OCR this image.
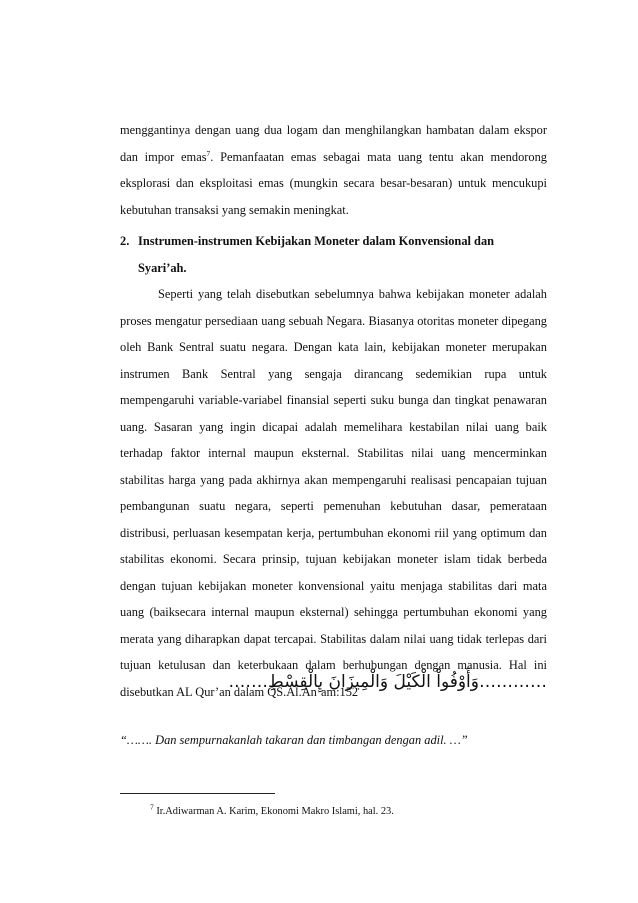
menggantinya dengan uang dua logam dan menghilangkan hambatan dalam ekspor dan impor emas$^7$. Pemanfaatan emas sebagai mata uang tentu akan mendorong eksplorasi dan eksploitasi emas (mungkin secara besar-besaran) untuk mencukupi kebutuhan transaksi yang semakin meningkat.
2. Instrumen-instrumen Kebijakan Moneter dalam Konvensional dan
Syari’ah.
Seperti yang telah disebutkan sebelumnya bahwa kebijakan moneter adalah proses mengatur persediaan uang sebuah Negara. Biasanya otoritas moneter dipegang oleh Bank Sentral suatu negara. Dengan kata lain, kebijakan moneter merupakan instrumen Bank Sentral yang sengaja dirancang sedemikian rupa untuk mempengaruhi variable-variabel finansial seperti suku bunga dan tingkat penawaran uang. Sasaran yang ingin dicapai adalah memelihara kestabilan nilai uang baik terhadap faktor internal maupun eksternal. Stabilitas nilai uang mencerminkan stabilitas harga yang pada akhirnya akan mempengaruhi realisasi pencapaian tujuan pembangunan suatu negara, seperti pemenuhan kebutuhan dasar, pemerataan distribusi, perluasan kesempatan kerja, pertumbuhan ekonomi riil yang optimum dan stabilitas ekonomi. Secara prinsip, tujuan kebijakan moneter islam tidak berbeda dengan tujuan kebijakan moneter konvensional yaitu menjaga stabilitas dari mata uang (baiksecara internal maupun eksternal) sehingga pertumbuhan ekonomi yang merata yang diharapkan dapat tercapai. Stabilitas dalam nilai uang tidak terlepas dari tujuan ketulusan dan keterbukaan dalam berhubungan dengan manusia. Hal ini disebutkan AL Qur’an dalam QS.Al.An’am:152
…………وَأَوْفُواْ الْكَيْلَ وَالْمِيزَانَ بِالْقِسْطِ…….
“……. Dan sempurnakanlah takaran dan timbangan dengan adil. …”
$^7$ Ir.Adiwarman A. Karim, Ekonomi Makro Islami, hal. 23.
